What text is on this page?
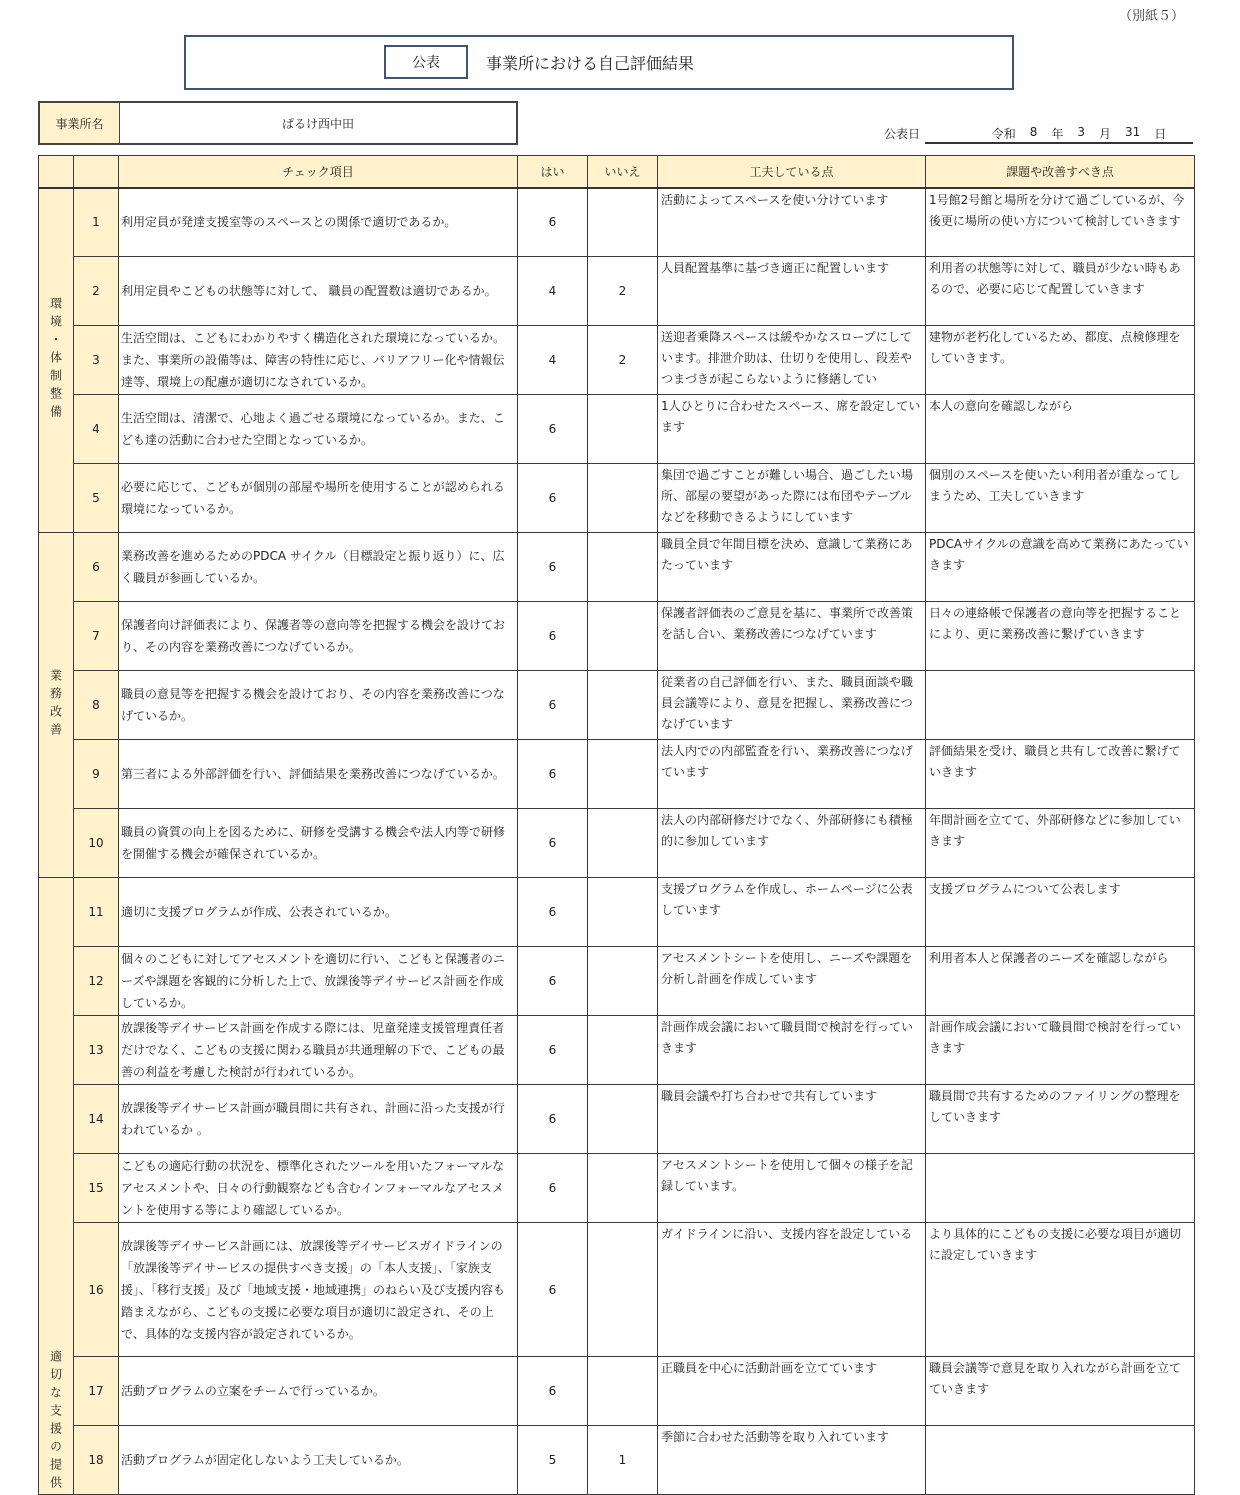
（別紙５）
公表	事業所における自己評価結果
事業所名	ぱるけ西中田
公表日	令和 8 年 3 月 31 日
		チェック項目	はい	いいえ	工夫している点	課題や改善すべき点

環境・体制整備	1	利用定員が発達支援室等のスペースとの関係で適切であるか。	6		活動によってスペースを使い分けています	1号館2号館と場所を分けて過ごしているが、今後更に場所の使い方について検討していきます

	2	利用定員やこどもの状態等に対して、 職員の配置数は適切であるか。	4	2	人員配置基準に基づき適正に配置しいます	利用者の状態等に対して、職員が少ない時もあるので、必要に応じて配置していきます

	3	生活空間は、こどもにわかりやすく構造化された環境になっているか。また、事業所の設備等は、障害の特性に応じ、バリアフリー化や情報伝達等、環境上の配慮が適切になされているか。	4	2	送迎者乗降スペースは緩やかなスロープにしています。排泄介助は、仕切りを使用し、段差やつまづきが起こらないように修繕してい	建物が老朽化しているため、都度、点検修理をしていきます。

	4	生活空間は、清潔で、心地よく過ごせる環境になっているか。また、こども達の活動に合わせた空間となっているか。	6		1人ひとりに合わせたスペース、席を設定しています	本人の意向を確認しながら

	5	必要に応じて、こどもが個別の部屋や場所を使用することが認められる環境になっているか。	6		集団で過ごすことが難しい場合、過ごしたい場所、部屋の要望があった際には布団やテーブルなどを移動できるようにしています	個別のスペースを使いたい利用者が重なってしまうため、工夫していきます

業務改善	6	業務改善を進めるためのPDCA サイクル（目標設定と振り返り）に、広く職員が参画しているか。	6		職員全員で年間目標を決め、意識して業務にあたっています	PDCAサイクルの意識を高めて業務にあたっていきます

	7	保護者向け評価表により、保護者等の意向等を把握する機会を設けており、その内容を業務改善につなげているか。	6		保護者評価表のご意見を基に、事業所で改善策を話し合い、業務改善につなげています	日々の連絡帳で保護者の意向等を把握することにより、更に業務改善に繋げていきます

	8	職員の意見等を把握する機会を設けており、その内容を業務改善につなげているか。	6		従業者の自己評価を行い、また、職員面談や職員会議等により、意見を把握し、業務改善につなげています	

	9	第三者による外部評価を行い、評価結果を業務改善につなげているか。	6		法人内での内部監査を行い、業務改善につなげています	評価結果を受け、職員と共有して改善に繋げていきます

	10	職員の資質の向上を図るために、研修を受講する機会や法人内等で研修を開催する機会が確保されているか。	6		法人の内部研修だけでなく、外部研修にも積極的に参加しています	年間計画を立てて、外部研修などに参加していきます

適切な支援の提供	11	適切に支援プログラムが作成、公表されているか。	6		支援プログラムを作成し、ホームページに公表しています	支援プログラムについて公表します

	12	個々のこどもに対してアセスメントを適切に行い、こどもと保護者のニーズや課題を客観的に分析した上で、放課後等デイサービス計画を作成しているか。	6		アセスメントシートを使用し、ニーズや課題を分析し計画を作成しています	利用者本人と保護者のニーズを確認しながら

	13	放課後等デイサービス計画を作成する際には、児童発達支援管理責任者だけでなく、こどもの支援に関わる職員が共通理解の下で、こどもの最善の利益を考慮した検討が行われているか。	6		計画作成会議において職員間で検討を行っていきます	計画作成会議において職員間で検討を行っていきます

	14	放課後等デイサービス計画が職員間に共有され、計画に沿った支援が行われているか 。	6		職員会議や打ち合わせで共有しています	職員間で共有するためのファイリングの整理をしていきます

	15	こどもの適応行動の状況を、標準化されたツールを用いたフォーマルなアセスメントや、日々の行動観察なども含むインフォーマルなアセスメントを使用する等により確認しているか。	6		アセスメントシートを使用して個々の様子を記録しています。	

	16	放課後等デイサービス計画には、放課後等デイサービスガイドラインの「放課後等デイサービスの提供すべき支援」の「本人支援」、「家族支援」、「移行支援」及び「地域支援・地域連携」のねらい及び支援内容も踏まえながら、こどもの支援に必要な項目が適切に設定され、その上で、具体的な支援内容が設定されているか。	6		ガイドラインに沿い、支援内容を設定している	より具体的にこどもの支援に必要な項目が適切に設定していきます

	17	活動プログラムの立案をチームで行っているか。	6		正職員を中心に活動計画を立てています	職員会議等で意見を取り入れながら計画を立てていきます

	18	活動プログラムが固定化しないよう工夫しているか。	5	1	季節に合わせた活動等を取り入れています	
